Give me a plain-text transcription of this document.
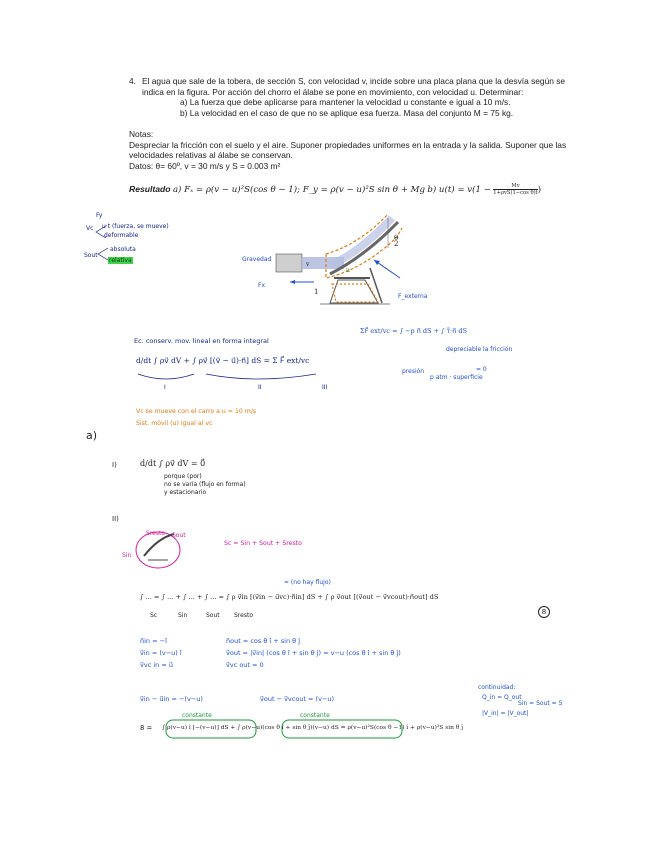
4. El agua que sale de la tobera, de sección S, con velocidad v, incide sobre una placa plana que la desvía según se
indica en la figura. Por acción del chorro el álabe se pone en movimiento, con velocidad u. Determinar:
a) La fuerza que debe aplicarse para mantener la velocidad u constante e igual a 10 m/s.
b) La velocidad en el caso de que no se aplique esa fuerza. Masa del conjunto M = 75 kg.
Notas:
Despreciar la fricción con el suelo y el aire. Suponer propiedades uniformes en la entrada y la salida. Suponer que las
velocidades relativas al álabe se conservan.
Datos: θ= 60º, v = 30 m/s y S = 0.003 m²
Resultado a) Fₓ = ρ(v − u)²S(cos θ − 1); F_y = ρ(v − u)²S sin θ + Mg b) u(t) = v(1 −	Mv
1+ρvS(1−cos θ)t )
θ
2
1
v
u
Fy
Vc u·t (fuerza, se mueve)
deformable
Sout
absoluta
relativa	Gravedad
Fx
F_externa
Ec. conserv. mov. lineal en forma integral
d/dt ∫ ρv⃗ dV + ∫ ρv⃗ [(v⃗ − u⃗)·n⃗] dS = Σ F⃗ ext/vc
I	II	III
ΣF⃗ ext/vc = ∫ −p n⃗ dS + ∫ τ̿·n⃗ dS
depreciable la fricción
presión
p atm · superficie
= 0
Vc se mueve con el carro a u = 10 m/s
Sist. móvil (u) igual al vc
a)
I)	d/dt ∫ ρv⃗ dV = 0⃗
porque (por)
no se varía (flujo en forma)
y estacionario
II)
Sresto Sout
Sin
Sc = Sin + Sout + Sresto
= (no hay flujo)
∫ ... = ∫ ... + ∫ ... + ∫ ... = ∫ ρ v⃗in [(v⃗in − u⃗vc)·n⃗in] dS + ∫ ρ v⃗out [(v⃗out − v⃗vcout)·n⃗out] dS
Sc	Sin	Sout Sresto	8
n⃗in = −î
v⃗in = (v−u) î
v⃗vc in = u⃗
n⃗out = cos θ î + sin θ ĵ
v⃗out = |v⃗in| (cos θ î + sin θ ĵ) = v−u (cos θ î + sin θ ĵ)
v⃗vc out = 0
continuidad:
Q_in = Q_out
|V_in| = |V_out|
Sin = Sout = S
v⃗in − u⃗in = −(v−u)	v⃗out − v⃗vcout = (v−u)
8 = ∫ ρ(v−u) î [−(v−u)] dS + ∫ ρ(v−u)(cos θ î + sin θ ĵ)(v−u) dS = ρ(v−u)²S(cos θ −1) î + ρ(v−u)²S sin θ ĵ
constante	constante
